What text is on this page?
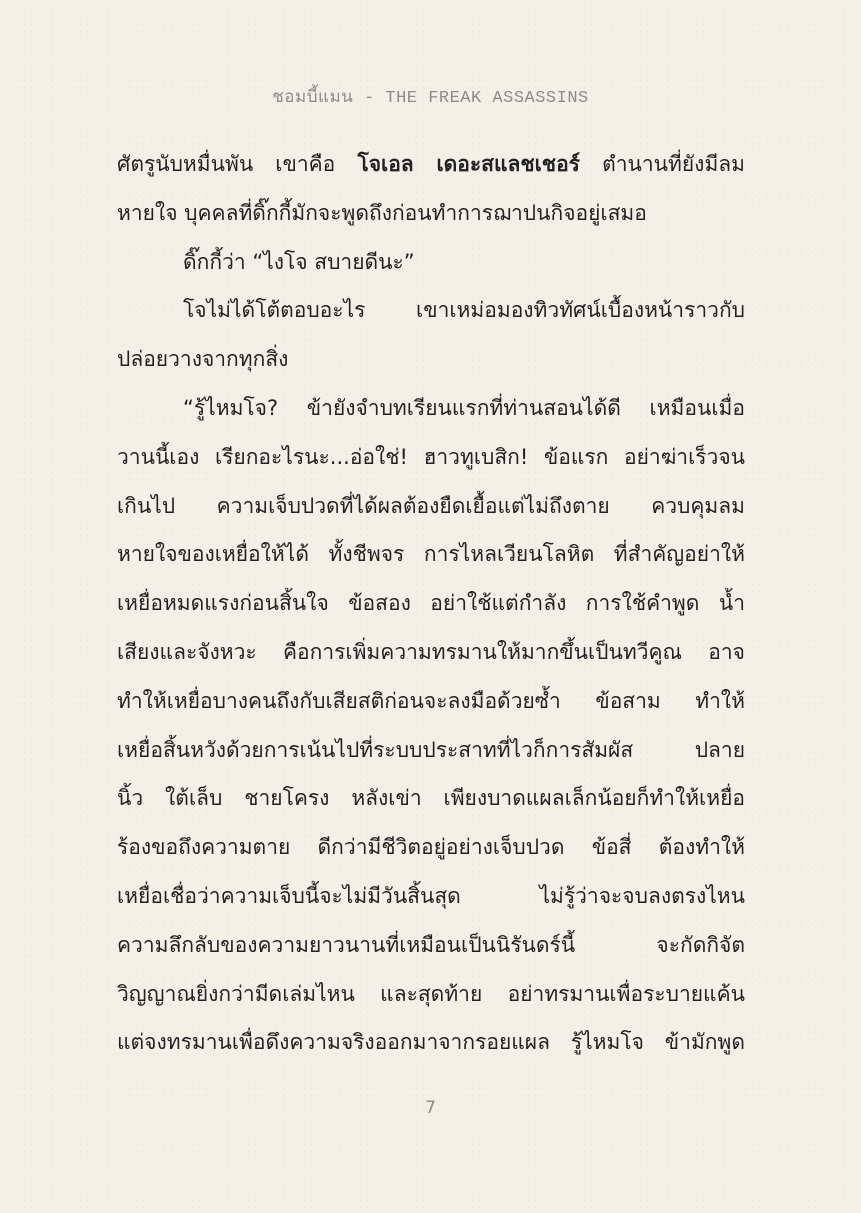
ชอมบี้แมน - THE FREAK ASSASSINS
ศัตรูนับหมื่นพัน เขาคือ โจเอล เดอะสแลชเชอร์ ตำนานที่ยังมีลม
หายใจ บุคคลที่ดิ๊กกี้มักจะพูดถึงก่อนทำการฌาปนกิจอยู่เสมอ
ดิ๊กกี้ว่า “ไงโจ สบายดีนะ”
โจไม่ได้โต้ตอบอะไร เขาเหม่อมองทิวทัศน์เบื้องหน้าราวกับ
ปล่อยวางจากทุกสิ่ง
“รู้ไหมโจ? ข้ายังจำบทเรียนแรกที่ท่านสอนได้ดี เหมือนเมื่อ
วานนี้เอง เรียกอะไรนะ...อ่อใช่! ฮาวทูเบสิก! ข้อแรก อย่าฆ่าเร็วจน
เกินไป ความเจ็บปวดที่ได้ผลต้องยืดเยื้อแต่ไม่ถึงตาย ควบคุมลม
หายใจของเหยื่อให้ได้ ทั้งชีพจร การไหลเวียนโลหิต ที่สำคัญอย่าให้
เหยื่อหมดแรงก่อนสิ้นใจ ข้อสอง อย่าใช้แต่กำลัง การใช้คำพูด น้ำ
เสียงและจังหวะ คือการเพิ่มความทรมานให้มากขึ้นเป็นทวีคูณ อาจ
ทำให้เหยื่อบางคนถึงกับเสียสติก่อนจะลงมือด้วยซ้ำ ข้อสาม ทำให้
เหยื่อสิ้นหวังด้วยการเน้นไปที่ระบบประสาทที่ไวก็การสัมผัส ปลาย
นิ้ว ใต้เล็บ ชายโครง หลังเข่า เพียงบาดแผลเล็กน้อยก็ทำให้เหยื่อ
ร้องขอถึงความตาย ดีกว่ามีชีวิตอยู่อย่างเจ็บปวด ข้อสี่ ต้องทำให้
เหยื่อเชื่อว่าความเจ็บนี้จะไม่มีวันสิ้นสุด ไม่รู้ว่าจะจบลงตรงไหน
ความลึกลับของความยาวนานที่เหมือนเป็นนิรันดร์นี้ จะกัดกิจัต
วิญญาณยิ่งกว่ามีดเล่มไหน และสุดท้าย อย่าทรมานเพื่อระบายแค้น
แต่จงทรมานเพื่อดึงความจริงออกมาจากรอยแผล รู้ไหมโจ ข้ามักพูด
7
